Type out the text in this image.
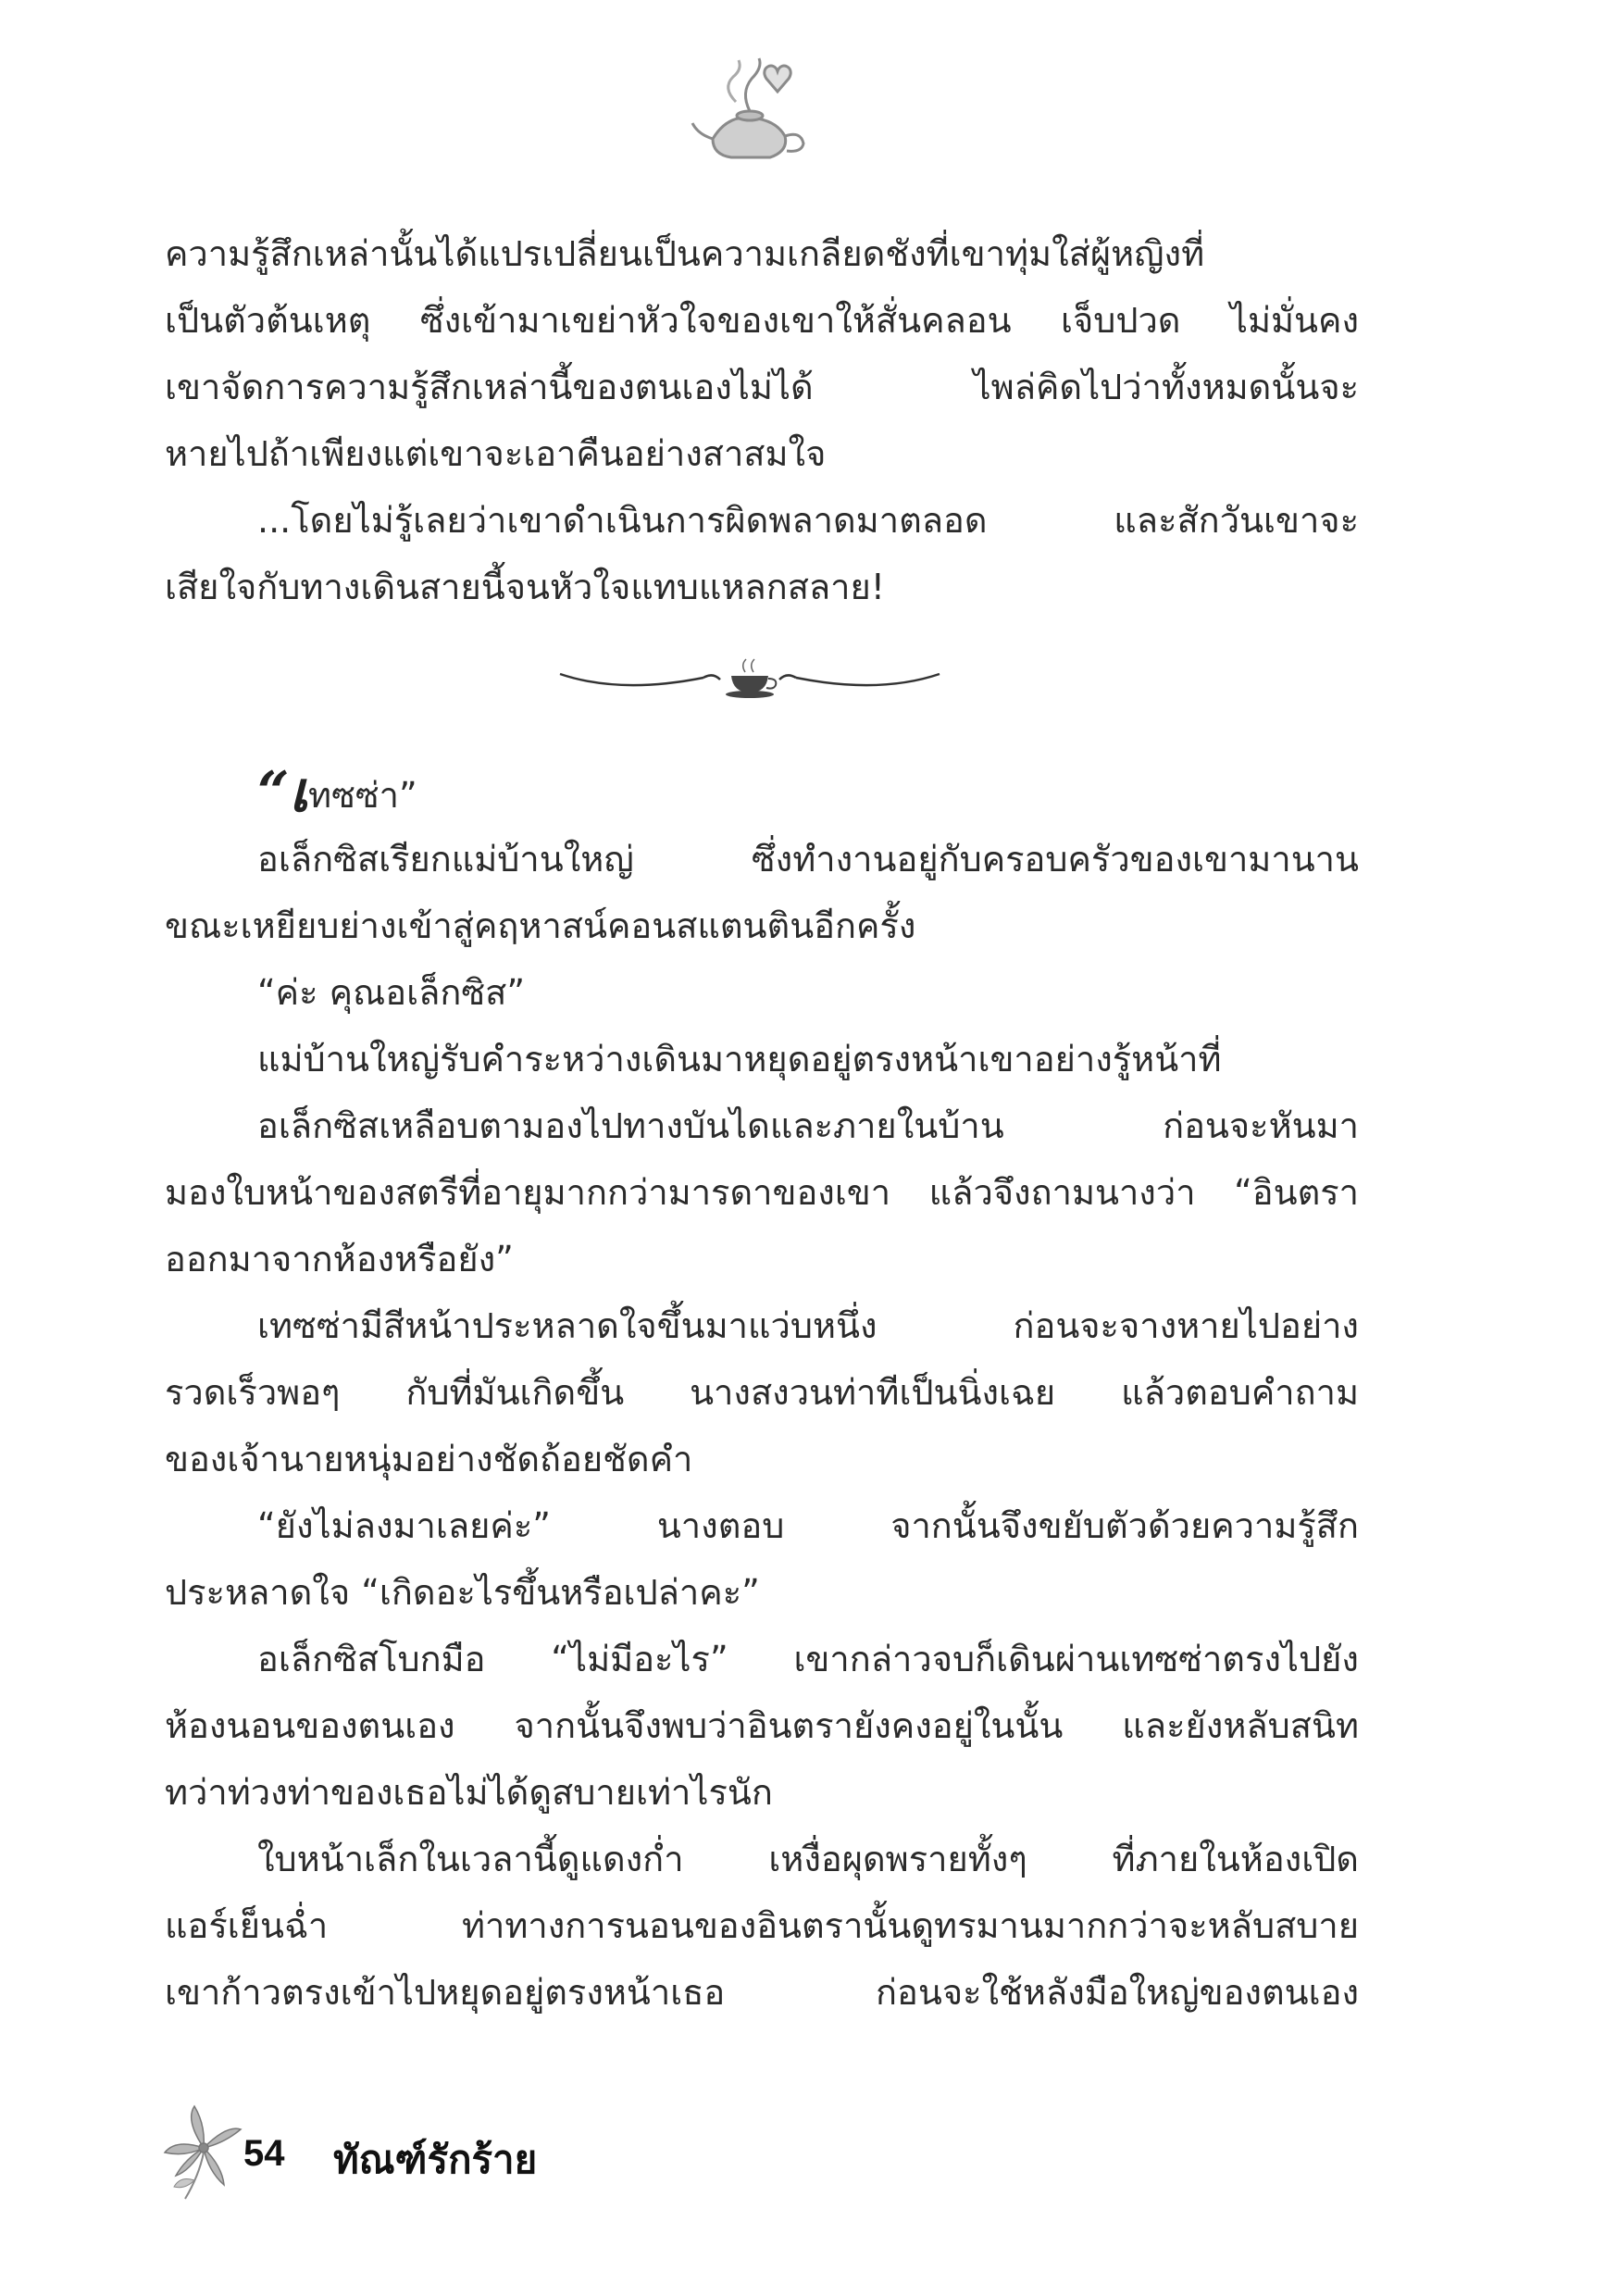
ความรู้สึกเหล่านั้นได้แปรเปลี่ยนเป็นความเกลียดชังที่เขาทุ่มใส่ผู้หญิงที่
เป็นตัวต้นเหตุ ซึ่งเข้ามาเขย่าหัวใจของเขาให้สั่นคลอน เจ็บปวด ไม่มั่นคง
เขาจัดการความรู้สึกเหล่านี้ของตนเองไม่ได้ ไพล่คิดไปว่าทั้งหมดนั้นจะ
หายไปถ้าเพียงแต่เขาจะเอาคืนอย่างสาสมใจ
...โดยไม่รู้เลยว่าเขาดำเนินการผิดพลาดมาตลอด และสักวันเขาจะ
เสียใจกับทางเดินสายนี้จนหัวใจแทบแหลกสลาย!
“เทซซ่า”
อเล็กซิสเรียกแม่บ้านใหญ่ ซึ่งทำงานอยู่กับครอบครัวของเขามานาน
ขณะเหยียบย่างเข้าสู่คฤหาสน์คอนสแตนตินอีกครั้ง
“ค่ะ คุณอเล็กซิส”
แม่บ้านใหญ่รับคำระหว่างเดินมาหยุดอยู่ตรงหน้าเขาอย่างรู้หน้าที่
อเล็กซิสเหลือบตามองไปทางบันไดและภายในบ้าน ก่อนจะหันมา
มองใบหน้าของสตรีที่อายุมากกว่ามารดาของเขา แล้วจึงถามนางว่า “อินตรา
ออกมาจากห้องหรือยัง”
เทซซ่ามีสีหน้าประหลาดใจขึ้นมาแว่บหนึ่ง ก่อนจะจางหายไปอย่าง
รวดเร็วพอๆ กับที่มันเกิดขึ้น นางสงวนท่าทีเป็นนิ่งเฉย แล้วตอบคำถาม
ของเจ้านายหนุ่มอย่างชัดถ้อยชัดคำ
“ยังไม่ลงมาเลยค่ะ” นางตอบ จากนั้นจึงขยับตัวด้วยความรู้สึก
ประหลาดใจ “เกิดอะไรขึ้นหรือเปล่าคะ”
อเล็กซิสโบกมือ “ไม่มีอะไร” เขากล่าวจบก็เดินผ่านเทซซ่าตรงไปยัง
ห้องนอนของตนเอง จากนั้นจึงพบว่าอินตรายังคงอยู่ในนั้น และยังหลับสนิท
ทว่าท่วงท่าของเธอไม่ได้ดูสบายเท่าไรนัก
ใบหน้าเล็กในเวลานี้ดูแดงก่ำ เหงื่อผุดพรายทั้งๆ ที่ภายในห้องเปิด
แอร์เย็นฉ่ำ ท่าทางการนอนของอินตรานั้นดูทรมานมากกว่าจะหลับสบาย
เขาก้าวตรงเข้าไปหยุดอยู่ตรงหน้าเธอ ก่อนจะใช้หลังมือใหญ่ของตนเอง
54 ทัณฑ์รักร้าย
